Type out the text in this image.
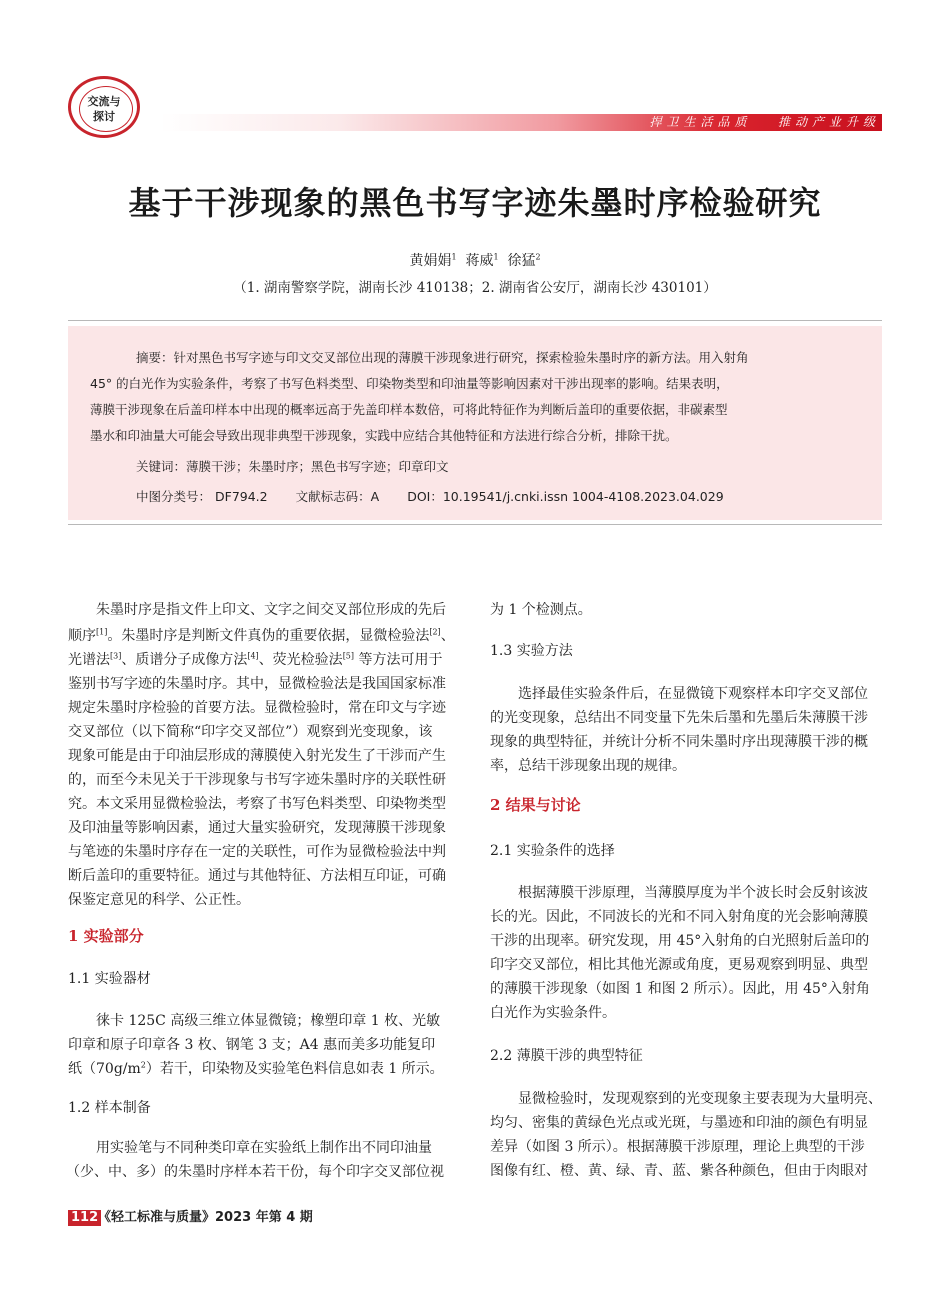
交流与
探讨	捍卫生活品质   推动产业升级
基于干涉现象的黑色书写字迹朱墨时序检验研究
黄娟娟$^1$ 蒋威$^1$ 徐猛$^2$
（1. 湖南警察学院，湖南长沙 410138；2. 湖南省公安厅，湖南长沙 430101）
摘要：针对黑色书写字迹与印文交叉部位出现的薄膜干涉现象进行研究，探索检验朱墨时序的新方法。用入射角
45° 的白光作为实验条件，考察了书写色料类型、印染物类型和印油量等影响因素对干涉出现率的影响。结果表明，
薄膜干涉现象在后盖印样本中出现的概率远高于先盖印样本数倍，可将此特征作为判断后盖印的重要依据，非碳素型
墨水和印油量大可能会导致出现非典型干涉现象，实践中应结合其他特征和方法进行综合分析，排除干扰。
关键词：薄膜干涉；朱墨时序；黑色书写字迹；印章印文
中图分类号： DF794.2 文献标志码：A DOI：10.19541/j.cnki.issn 1004-4108.2023.04.029
朱墨时序是指文件上印文、文字之间交叉部位形成的先后
顺序[1]。朱墨时序是判断文件真伪的重要依据，显微检验法[2]、
光谱法[3]、质谱分子成像方法[4]、荧光检验法[5] 等方法可用于
鉴别书写字迹的朱墨时序。其中，显微检验法是我国国家标准
规定朱墨时序检验的首要方法。显微检验时，常在印文与字迹
交叉部位（以下简称“印字交叉部位”）观察到光变现象，该
现象可能是由于印油层形成的薄膜使入射光发生了干涉而产生
的，而至今未见关于干涉现象与书写字迹朱墨时序的关联性研
究。本文采用显微检验法，考察了书写色料类型、印染物类型
及印油量等影响因素，通过大量实验研究，发现薄膜干涉现象
与笔迹的朱墨时序存在一定的关联性，可作为显微检验法中判
断后盖印的重要特征。通过与其他特征、方法相互印证，可确
保鉴定意见的科学、公正性。
1 实验部分
1.1 实验器材
徕卡 125C 高级三维立体显微镜；橡塑印章 1 枚、光敏
印章和原子印章各 3 枚、钢笔 3 支；A4 惠而美多功能复印
纸$(70g/m^2)$若干，印染物及实验笔色料信息如表 1 所示。
1.2 样本制备
用实验笔与不同种类印章在实验纸上制作出不同印油量
（少、中、多）的朱墨时序样本若干份，每个印字交叉部位视
为 1 个检测点。
1.3 实验方法
选择最佳实验条件后，在显微镜下观察样本印字交叉部位
的光变现象，总结出不同变量下先朱后墨和先墨后朱薄膜干涉
现象的典型特征，并统计分析不同朱墨时序出现薄膜干涉的概
率，总结干涉现象出现的规律。
2 结果与讨论
2.1 实验条件的选择
根据薄膜干涉原理，当薄膜厚度为半个波长时会反射该波
长的光。因此，不同波长的光和不同入射角度的光会影响薄膜
干涉的出现率。研究发现，用 45°入射角的白光照射后盖印的
印字交叉部位，相比其他光源或角度，更易观察到明显、典型
的薄膜干涉现象（如图 1 和图 2 所示）。因此，用 45°入射角
白光作为实验条件。
2.2 薄膜干涉的典型特征
显微检验时，发现观察到的光变现象主要表现为大量明亮、
均匀、密集的黄绿色光点或光斑，与墨迹和印油的颜色有明显
差异（如图 3 所示）。根据薄膜干涉原理，理论上典型的干涉
图像有红、橙、黄、绿、青、蓝、紫各种颜色，但由于肉眼对
112 《轻工标准与质量》2023 年第 4 期
